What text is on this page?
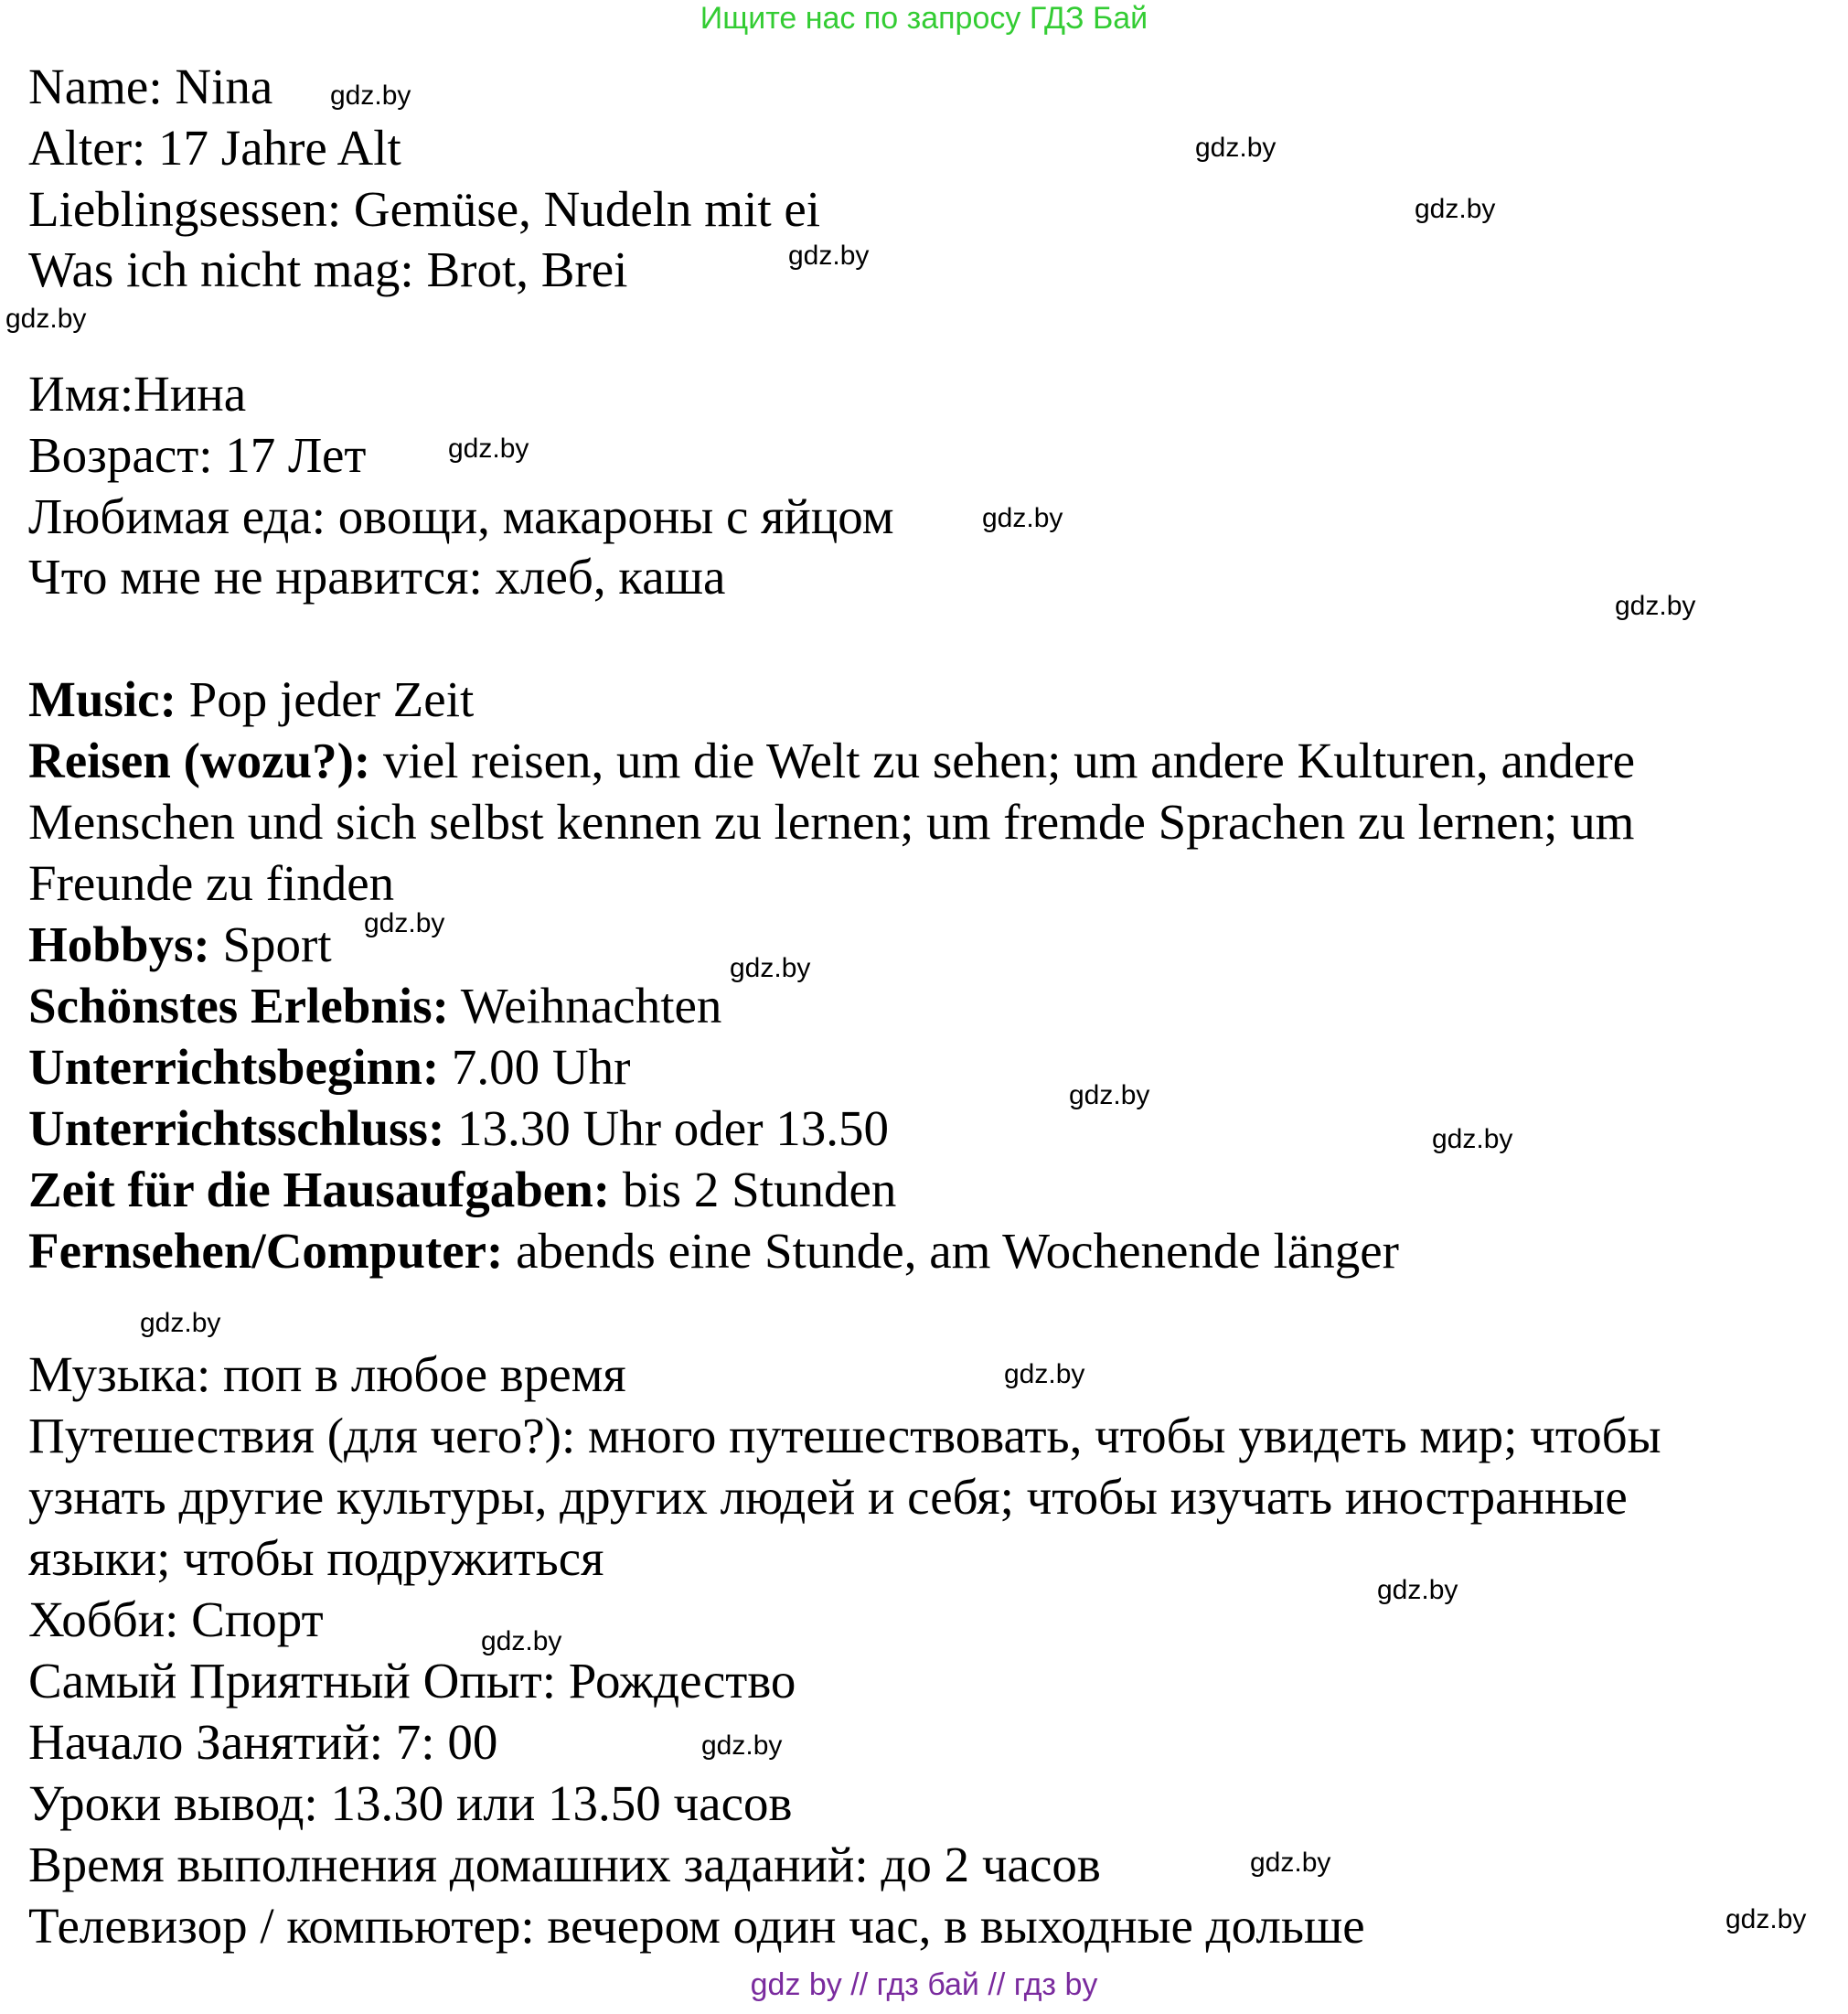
Ищите нас по запросу ГДЗ Бай
Name: Nina
Alter: 17 Jahre Alt
Lieblingsessen: Gemüse, Nudeln mit ei
Was ich nicht mag: Brot, Brei
Имя:Нина
Возраст: 17 Лет
Любимая еда: овощи, макароны с яйцом
Что мне не нравится: хлеб, каша
Music: Pop jeder Zeit
Reisen (wozu?): viel reisen, um die Welt zu sehen; um andere Kulturen, andere
Menschen und sich selbst kennen zu lernen; um fremde Sprachen zu lernen; um
Freunde zu finden
Hobbys: Sport
Schönstes Erlebnis: Weihnachten
Unterrichtsbeginn: 7.00 Uhr
Unterrichtsschluss: 13.30 Uhr oder 13.50
Zeit für die Hausaufgaben: bis 2 Stunden
Fernsehen/Computer: abends eine Stunde, am Wochenende länger
Музыка: поп в любое время
Путешествия (для чего?): много путешествовать, чтобы увидеть мир; чтобы
узнать другие культуры, других людей и себя; чтобы изучать иностранные
языки; чтобы подружиться
Хобби: Спорт
Самый Приятный Опыт: Рождество
Начало Занятий: 7: 00
Уроки вывод: 13.30 или 13.50 часов
Время выполнения домашних заданий: до 2 часов
Телевизор / компьютер: вечером один час, в выходные дольше
gdz.by
gdz.by
gdz.by
gdz.by
gdz.by
gdz.by
gdz.by
gdz.by
gdz.by
gdz.by
gdz.by
gdz.by
gdz.by
gdz.by
gdz.by
gdz.by
gdz.by
gdz.by
gdz.by
gdz by // гдз бай // гдз by
